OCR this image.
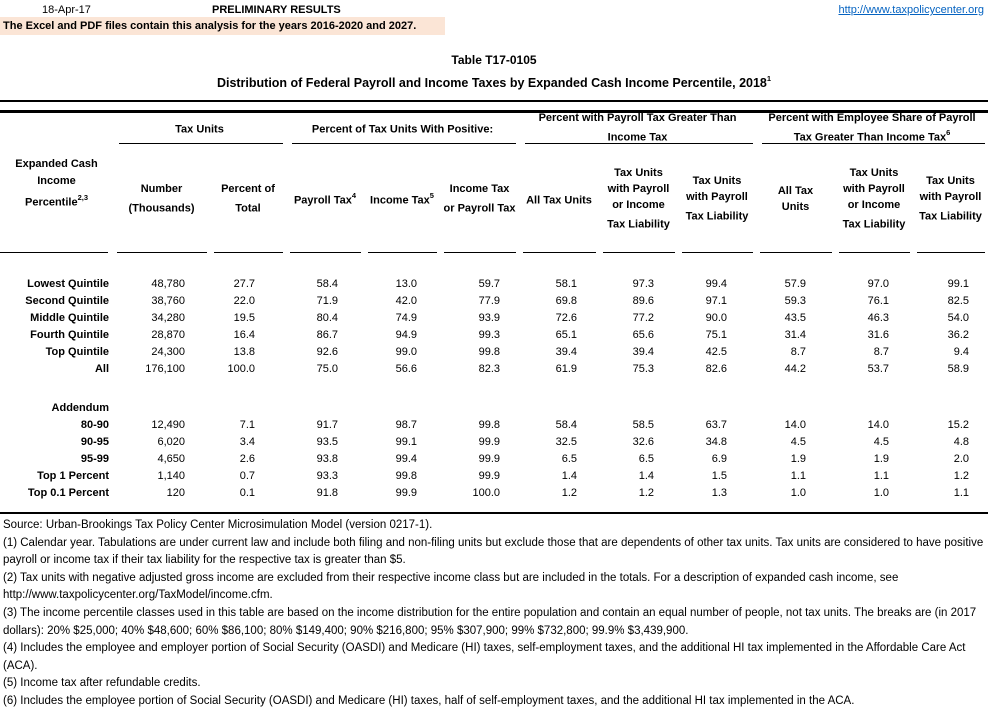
18-Apr-17	PRELIMINARY RESULTS	http://www.taxpolicycenter.org
The Excel and PDF files contain this analysis for the years 2016-2020 and 2027.
Table T17-0105
Distribution of Federal Payroll and Income Taxes by Expanded Cash Income Percentile, 2018$^1$
Expanded Cash
Income
Percentile$^{2,3}$
Tax Units	Percent of Tax Units With Positive:
Percent with Payroll Tax Greater Than Income Tax
Percent with Employee Share of Payroll Tax Greater Than Income Tax$^6$
Number (Thousands)
Percent of Total
Payroll Tax$^4$ Income Tax$^5$
Income Tax or Payroll Tax
All Tax Units
Tax Units with Payroll or Income Tax Liability
Tax Units with Payroll Tax Liability
All Tax Units
Tax Units with Payroll or Income Tax Liability
Tax Units with Payroll Tax Liability
Lowest Quintile	48,780	27.7	58.4	13.0	59.7	58.1	97.3	99.4	57.9	97.0	99.1
Second Quintile	38,760	22.0	71.9	42.0	77.9	69.8	89.6	97.1	59.3	76.1	82.5
Middle Quintile	34,280	19.5	80.4	74.9	93.9	72.6	77.2	90.0	43.5	46.3	54.0
Fourth Quintile	28,870	16.4	86.7	94.9	99.3	65.1	65.6	75.1	31.4	31.6	36.2
Top Quintile	24,300	13.8	92.6	99.0	99.8	39.4	39.4	42.5	8.7	8.7	9.4
All	176,100	100.0	75.0	56.6	82.3	61.9	75.3	82.6	44.2	53.7	58.9
Addendum
80-90	12,490	7.1	91.7	98.7	99.8	58.4	58.5	63.7	14.0	14.0	15.2
90-95	6,020	3.4	93.5	99.1	99.9	32.5	32.6	34.8	4.5	4.5	4.8
95-99	4,650	2.6	93.8	99.4	99.9	6.5	6.5	6.9	1.9	1.9	2.0
Top 1 Percent	1,140	0.7	93.3	99.8	99.9	1.4	1.4	1.5	1.1	1.1	1.2
Top 0.1 Percent	120	0.1	91.8	99.9	100.0	1.2	1.2	1.3	1.0	1.0	1.1
Source: Urban-Brookings Tax Policy Center Microsimulation Model (version 0217-1).
(1) Calendar year. Tabulations are under current law and include both filing and non-filing units but exclude those that are dependents of other tax units. Tax units are considered to have positive payroll or income tax if their tax liability for the respective tax is greater than $5.
(2) Tax units with negative adjusted gross income are excluded from their respective income class but are included in the totals. For a description of expanded cash income, see http://www.taxpolicycenter.org/TaxModel/income.cfm.
(3) The income percentile classes used in this table are based on the income distribution for the entire population and contain an equal number of people, not tax units. The breaks are (in 2017 dollars): 20% $25,000; 40% $48,600; 60% $86,100; 80% $149,400; 90% $216,800; 95% $307,900; 99% $732,800; 99.9% $3,439,900.
(4) Includes the employee and employer portion of Social Security (OASDI) and Medicare (HI) taxes, self-employment taxes, and the additional HI tax implemented in the Affordable Care Act (ACA).
(5) Income tax after refundable credits.
(6) Includes the employee portion of Social Security (OASDI) and Medicare (HI) taxes, half of self-employment taxes, and the additional HI tax implemented in the ACA.
